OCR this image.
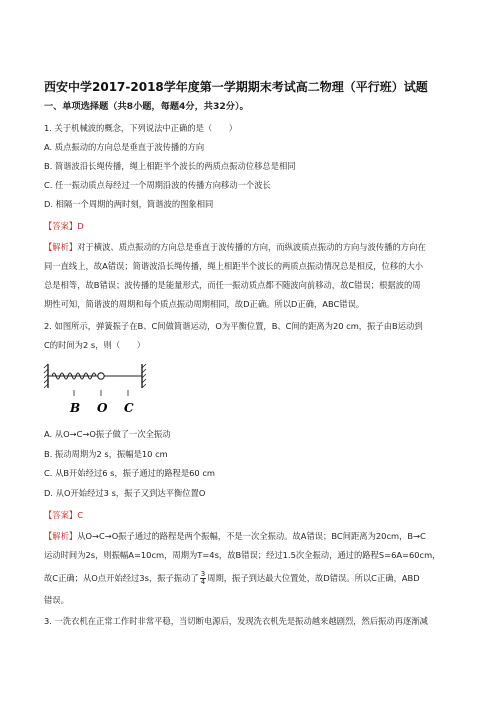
西安中学2017-2018学年度第一学期期末考试高二物理（平行班）试题
一、单项选择题（共8小题，每题4分，共32分）。
1. 关于机械波的概念，下列说法中正确的是（　　）
A. 质点振动的方向总是垂直于波传播的方向
B. 简谐波沿长绳传播，绳上相距半个波长的两质点振动位移总是相同
C. 任一振动质点每经过一个周期沿波的传播方向移动一个波长
D. 相隔一个周期的两时刻，简谐波的图象相同
【答案】D
【解析】对于横波、质点振动的方向总是垂直于波传播的方向，而纵波质点振动的方向与波传播的方向在
同一直线上，故A错误；简谐波沿长绳传播，绳上相距半个波长的两质点振动情况总是相反，位移的大小
总是相等，故B错误；波传播的是能量形式，而任一振动质点都不随波向前移动，故C错误；根据波的周
期性可知，简谐波的周期和每个质点振动周期相同，故D正确。所以D正确，ABC错误。
2. 如图所示，弹簧振子在B、C间做简谐运动，O为平衡位置，B、C间的距离为20 cm，振子由B运动到
C的时间为2 s，则（　　）
B O C
A. 从O→C→O振子做了一次全振动
B. 振动周期为2 s，振幅是10 cm
C. 从B开始经过6 s，振子通过的路程是60 cm
D. 从O开始经过3 s，振子又到达平衡位置O
【答案】C
【解析】从O→C→O振子通过的路程是两个振幅，不是一次全振动。故A错误；BC间距离为20cm，B→C
运动时间为2s，则振幅A=10cm，周期为T=4s，故B错误；经过1.5次全振动，通过的路程S=6A=60cm，
故C正确；从O点开始经过3s，振子振动了 $\frac{3}{4}$ 周期，振子到达最大位置处，故D错误。所以C正确，ABD
错误。
3. 一洗衣机在正常工作时非常平稳，当切断电源后，发现洗衣机先是振动越来越剧烈，然后振动再逐渐减
